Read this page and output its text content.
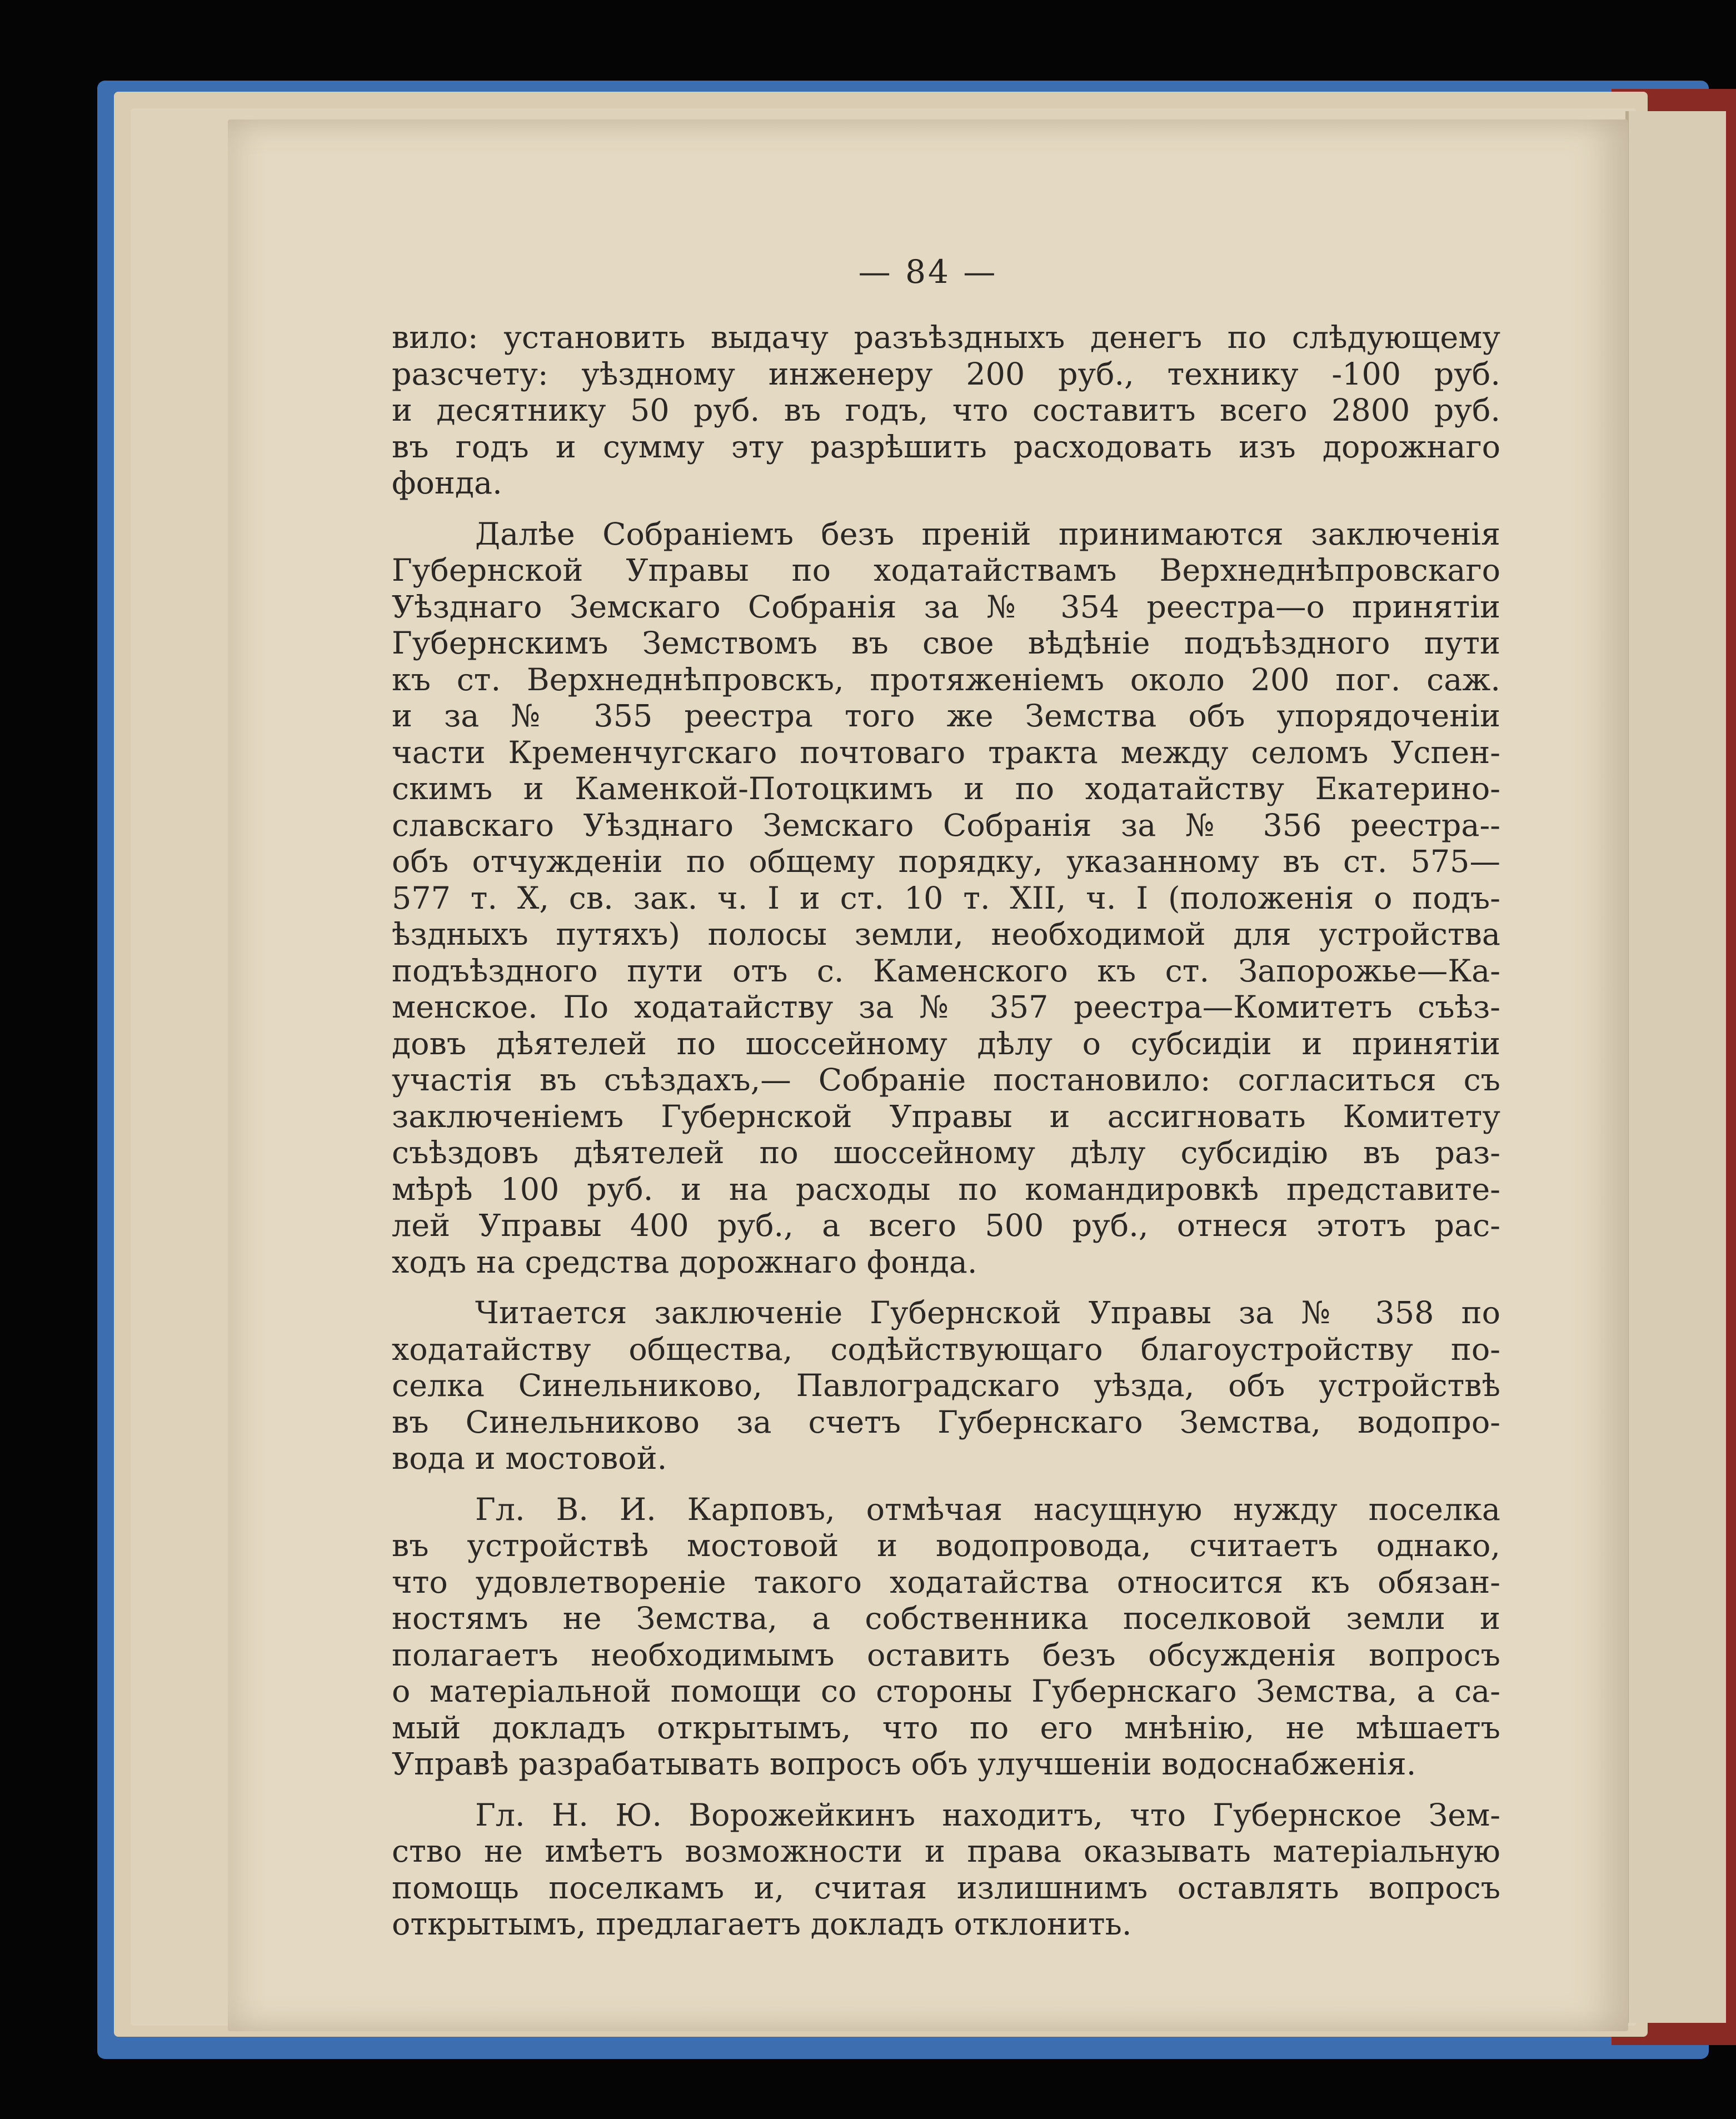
— 84 —
вило: установить выдачу разъѣздныхъ денегъ по слѣдующему
разсчету: уѣздному инженеру 200 руб., технику -100 руб.
и десятнику 50 руб. въ годъ, что составитъ всего 2800 руб.
въ годъ и сумму эту разрѣшить расходовать изъ дорожнаго
фонда.
Далѣе Собраніемъ безъ преній принимаются заключенія
Губернской Управы по ходатайствамъ Верхнеднѣпровскаго
Уѣзднаго Земскаго Собранія за № 354 реестра—о принятіи
Губернскимъ Земствомъ въ свое вѣдѣніе подъѣздного пути
къ ст. Верхнеднѣпровскъ, протяженіемъ около 200 пог. саж.
и за № 355 реестра того же Земства объ упорядоченіи
части Кременчугскаго почтоваго тракта между селомъ Успен-
скимъ и Каменкой-Потоцкимъ и по ходатайству Екатерино-
славскаго Уѣзднаго Земскаго Собранія за № 356 реестра--
объ отчужденіи по общему порядку, указанному въ ст. 575—
577 т. X, св. зак. ч. I и ст. 10 т. XII, ч. I (положенія о подъ-
ѣздныхъ путяхъ) полосы земли, необходимой для устройства
подъѣздного пути отъ с. Каменского къ ст. Запорожье—Ка-
менское. По ходатайству за № 357 реестра—Комитетъ съѣз-
довъ дѣятелей по шоссейному дѣлу о субсидіи и принятіи
участія въ съѣздахъ,— Собраніе постановило: согласиться съ
заключеніемъ Губернской Управы и ассигновать Комитету
съѣздовъ дѣятелей по шоссейному дѣлу субсидію въ раз-
мѣрѣ 100 руб. и на расходы по командировкѣ представите-
лей Управы 400 руб., а всего 500 руб., отнеся этотъ рас-
ходъ на средства дорожнаго фонда.
Читается заключеніе Губернской Управы за № 358 по
ходатайству общества, содѣйствующаго благоустройству по-
селка Синельниково, Павлоградскаго уѣзда, объ устройствѣ
въ Синельниково за счетъ Губернскаго Земства, водопро-
вода и мостовой.
Гл. В. И. Карповъ, отмѣчая насущную нужду поселка
въ устройствѣ мостовой и водопровода, считаетъ однако,
что удовлетвореніе такого ходатайства относится къ обязан-
ностямъ не Земства, а собственника поселковой земли и
полагаетъ необходимымъ оставить безъ обсужденія вопросъ
о матеріальной помощи со стороны Губернскаго Земства, а са-
мый докладъ открытымъ, что по его мнѣнію, не мѣшаетъ
Управѣ разрабатывать вопросъ объ улучшеніи водоснабженія.
Гл. Н. Ю. Ворожейкинъ находитъ, что Губернское Зем-
ство не имѣетъ возможности и права оказывать матеріальную
помощь поселкамъ и, считая излишнимъ оставлять вопросъ
открытымъ, предлагаетъ докладъ отклонить.
